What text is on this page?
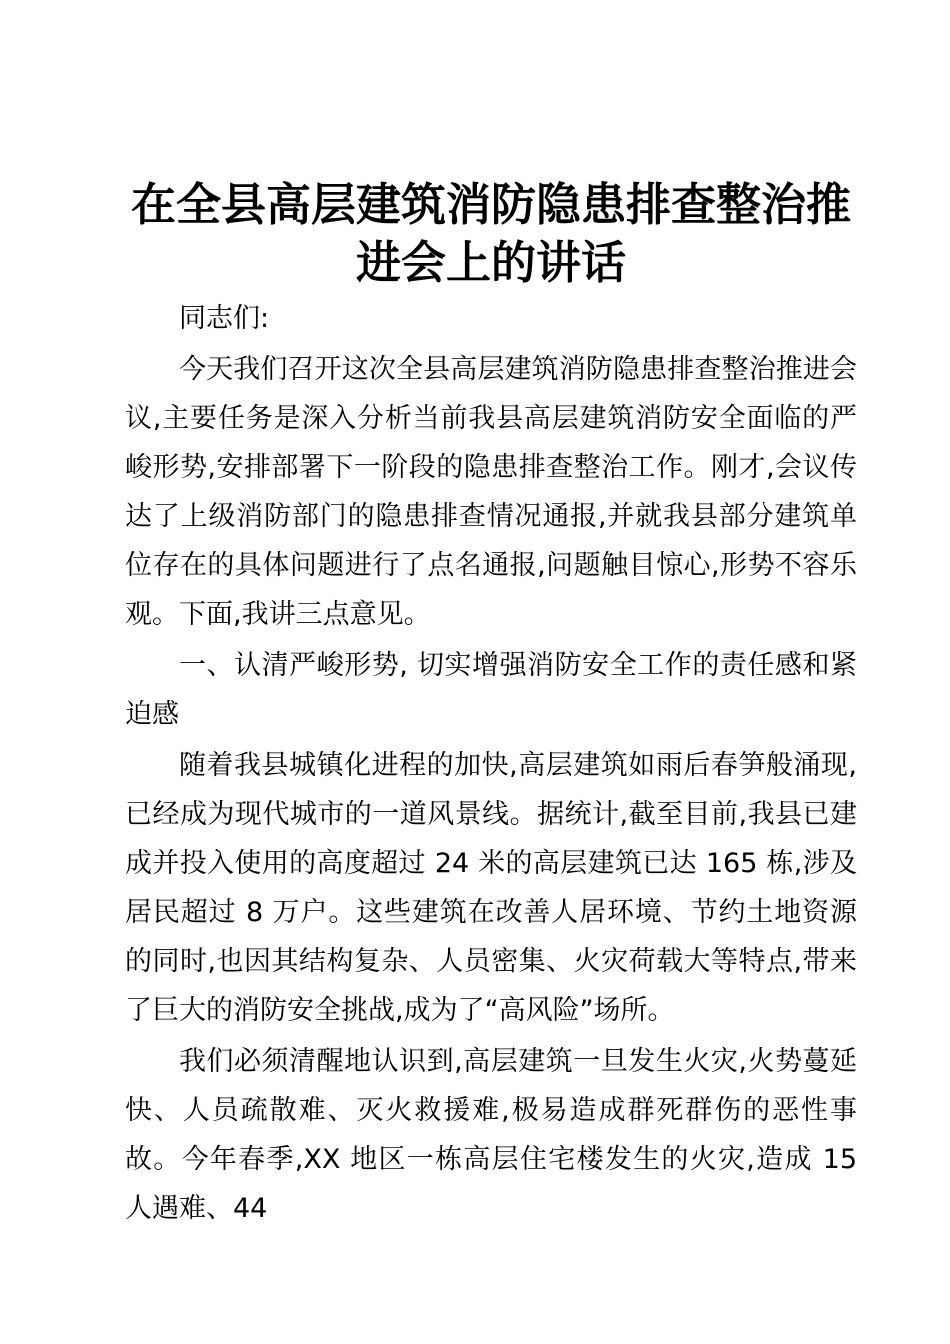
在全县高层建筑消防隐患排查整治推进会上的讲话

同志们:

今天我们召开这次全县高层建筑消防隐患排查整治推进会议,主要任务是深入分析当前我县高层建筑消防安全面临的严峻形势,安排部署下一阶段的隐患排查整治工作。刚才,会议传达了上级消防部门的隐患排查情况通报,并就我县部分建筑单位存在的具体问题进行了点名通报,问题触目惊心,形势不容乐观。下面,我讲三点意见。

一、认清严峻形势, 切实增强消防安全工作的责任感和紧迫感

随着我县城镇化进程的加快,高层建筑如雨后春笋般涌现,已经成为现代城市的一道风景线。据统计,截至目前,我县已建成并投入使用的高度超过 24 米的高层建筑已达 165 栋,涉及居民超过 8 万户。这些建筑在改善人居环境、节约土地资源的同时,也因其结构复杂、人员密集、火灾荷载大等特点,带来了巨大的消防安全挑战,成为了“高风险”场所。

我们必须清醒地认识到,高层建筑一旦发生火灾,火势蔓延快、人员疏散难、灭火救援难,极易造成群死群伤的恶性事故。今年春季,XX 地区一栋高层住宅楼发生的火灾,造成 15 人遇难、44
